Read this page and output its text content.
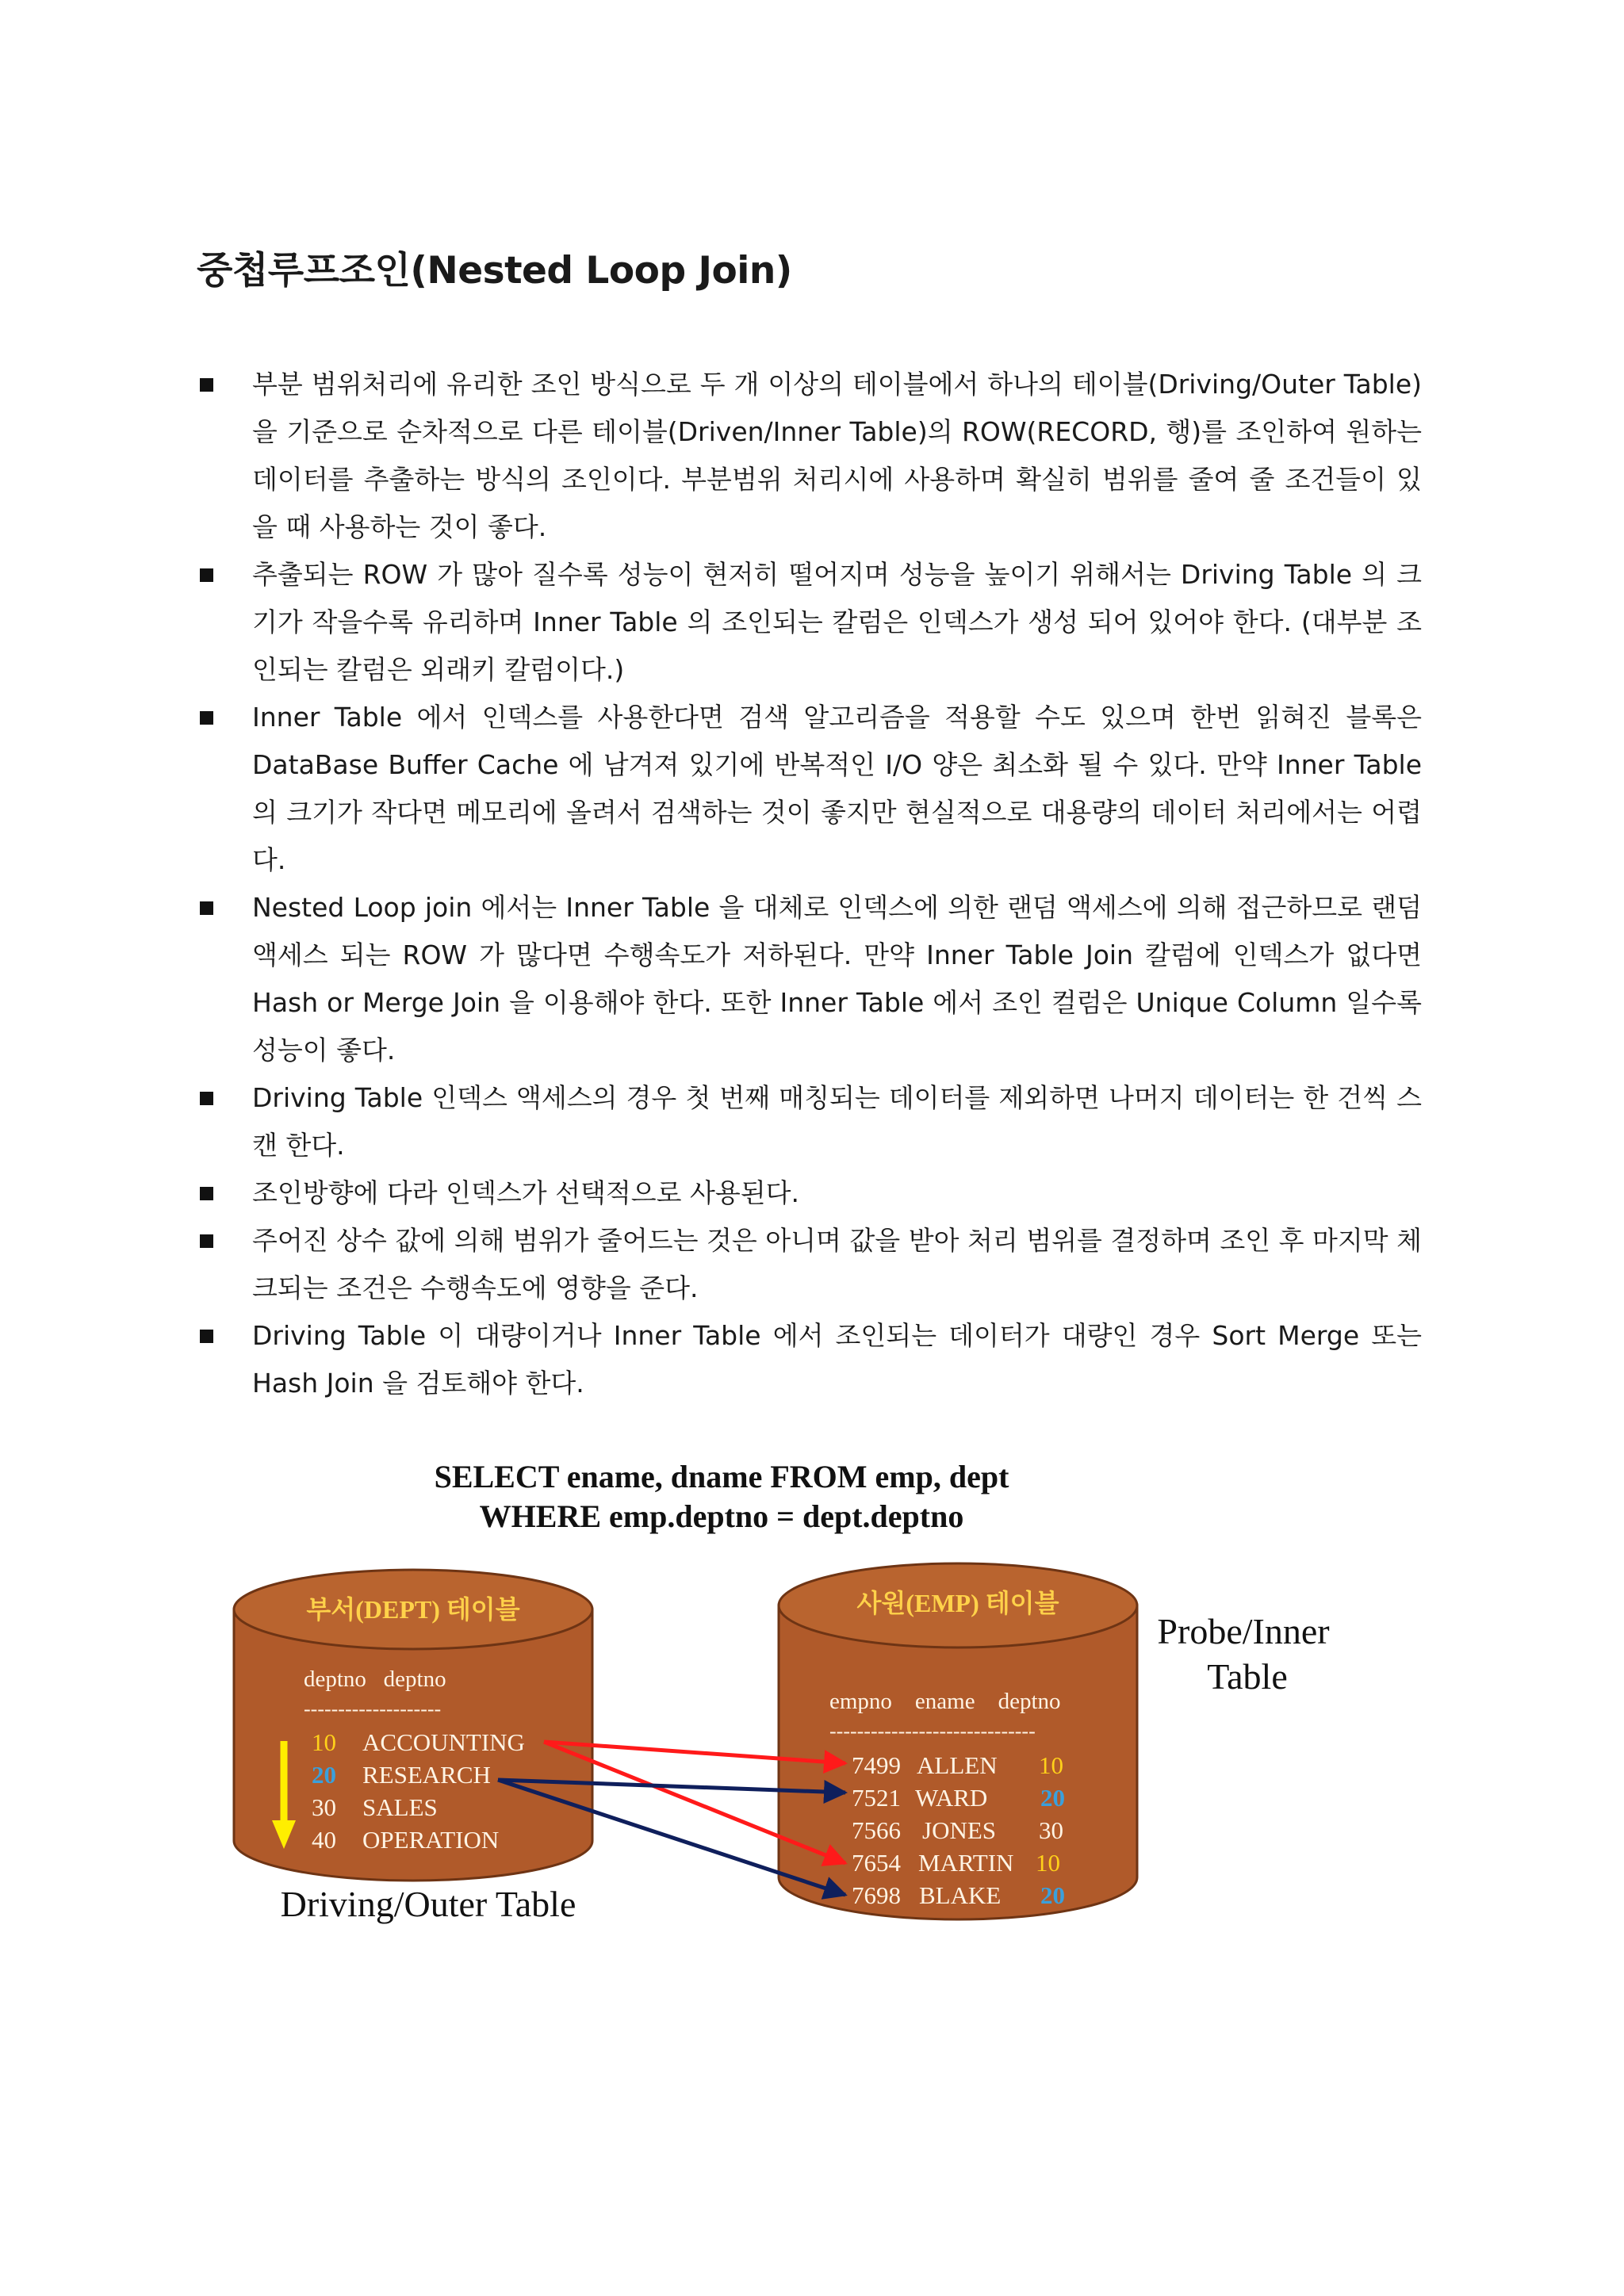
중첩루프조인(Nested Loop Join)
부분 범위처리에 유리한 조인 방식으로 두 개 이상의 테이블에서 하나의 테이블(Driving/Outer Table)을 기준으로 순차적으로 다른 테이블(Driven/Inner Table)의 ROW(RECORD, 행)를 조인하여 원하는 데이터를 추출하는 방식의 조인이다. 부분범위 처리시에 사용하며 확실히 범위를 줄여 줄 조건들이 있을 때 사용하는 것이 좋다.
추출되는 ROW 가 많아 질수록 성능이 현저히 떨어지며 성능을 높이기 위해서는 Driving Table 의 크기가 작을수록 유리하며 Inner Table 의 조인되는 칼럼은 인덱스가 생성 되어 있어야 한다. (대부분 조인되는 칼럼은 외래키 칼럼이다.)
Inner Table 에서 인덱스를 사용한다면 검색 알고리즘을 적용할 수도 있으며 한번 읽혀진 블록은 DataBase Buffer Cache 에 남겨져 있기에 반복적인 I/O 양은 최소화 될 수 있다. 만약 Inner Table 의 크기가 작다면 메모리에 올려서 검색하는 것이 좋지만 현실적으로 대용량의 데이터 처리에서는 어렵다.
Nested Loop join 에서는 Inner Table 을 대체로 인덱스에 의한 랜덤 액세스에 의해 접근하므로 랜덤 액세스 되는 ROW 가 많다면 수행속도가 저하된다. 만약 Inner Table Join 칼럼에 인덱스가 없다면 Hash or Merge Join 을 이용해야 한다. 또한 Inner Table 에서 조인 컬럼은 Unique Column 일수록 성능이 좋다.
Driving Table 인덱스 액세스의 경우 첫 번째 매칭되는 데이터를 제외하면 나머지 데이터는 한 건씩 스캔 한다.
조인방향에 다라 인덱스가 선택적으로 사용된다.
주어진 상수 값에 의해 범위가 줄어드는 것은 아니며 값을 받아 처리 범위를 결정하며 조인 후 마지막 체크되는 조건은 수행속도에 영향을 준다.
Driving Table 이 대량이거나 Inner Table 에서 조인되는 데이터가 대량인 경우 Sort Merge 또는 Hash Join 을 검토해야 한다.
SELECT ename, dname FROM emp, dept
WHERE emp.deptno = dept.deptno
부서(DEPT) 테이블
deptno   deptno
--------------------
10 ACCOUNTING
20 RESEARCH
30 SALES
40 OPERATION
Driving/Outer Table
사원(EMP) 테이블
empno    ename    deptno
------------------------------
7499 ALLEN 10
7521 WARD 20
7566 JONES 30
7654 MARTIN 10
7698 BLAKE 20
Probe/Inner
Table
